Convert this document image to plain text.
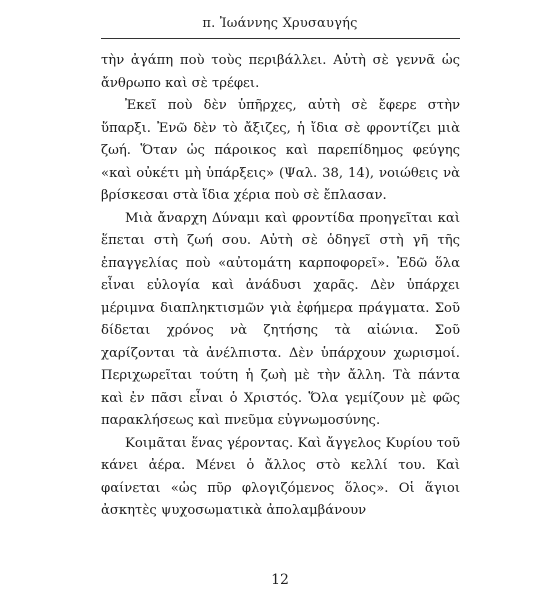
π. Ἰωάννης Χρυσαυγής

τὴν ἀγάπη ποὺ τοὺς περιβάλλει. Αὐτὴ σὲ γεννᾶ ὡς ἄνθρωπο καὶ σὲ τρέφει.

Ἐκεῖ ποὺ δὲν ὑπῆρχες, αὐτὴ σὲ ἔφερε στὴν ὕπαρξι. Ἐνῶ δὲν τὸ ἄξιζες, ἡ ἴδια σὲ φροντίζει μιὰ ζωή. Ὅταν ὡς πάροικος καὶ παρεπίδημος φεύγης «καὶ οὐκέτι μὴ ὑπάρξεις» (Ψαλ. 38, 14), νοιώθεις νὰ βρίσκεσαι στὰ ἴδια χέρια ποὺ σὲ ἔπλασαν.

Μιὰ ἄναρχη Δύναμι καὶ φροντίδα προηγεῖται καὶ ἕπεται στὴ ζωή σου. Αὐτὴ σὲ ὁδηγεῖ στὴ γῆ τῆς ἐπαγγελίας ποὺ «αὐτομάτη καρποφορεῖ». Ἐδῶ ὅλα εἶναι εὐλογία καὶ ἀνάδυσι χαρᾶς. Δὲν ὑπάρχει μέριμνα διαπληκτισμῶν γιὰ ἐφήμερα πράγματα. Σοῦ δίδεται χρόνος νὰ ζητήσης τὰ αἰώνια. Σοῦ χαρίζονται τὰ ἀνέλπιστα. Δὲν ὑπάρχουν χωρισμοί. Περιχωρεῖται τούτη ἡ ζωὴ μὲ τὴν ἄλλη. Τὰ πάντα καὶ ἐν πᾶσι εἶναι ὁ Χριστός. Ὅλα γεμίζουν μὲ φῶς παρακλήσεως καὶ πνεῦμα εὐγνωμοσύνης.

Κοιμᾶται ἕνας γέροντας. Καὶ ἄγγελος Κυρίου τοῦ κάνει ἀέρα. Μένει ὁ ἄλλος στὸ κελλί του. Καὶ φαίνεται «ὡς πῦρ φλογιζόμενος ὅλος». Οἱ ἅγιοι ἀσκητὲς ψυχοσωματικὰ ἀπολαμβάνουν

12
